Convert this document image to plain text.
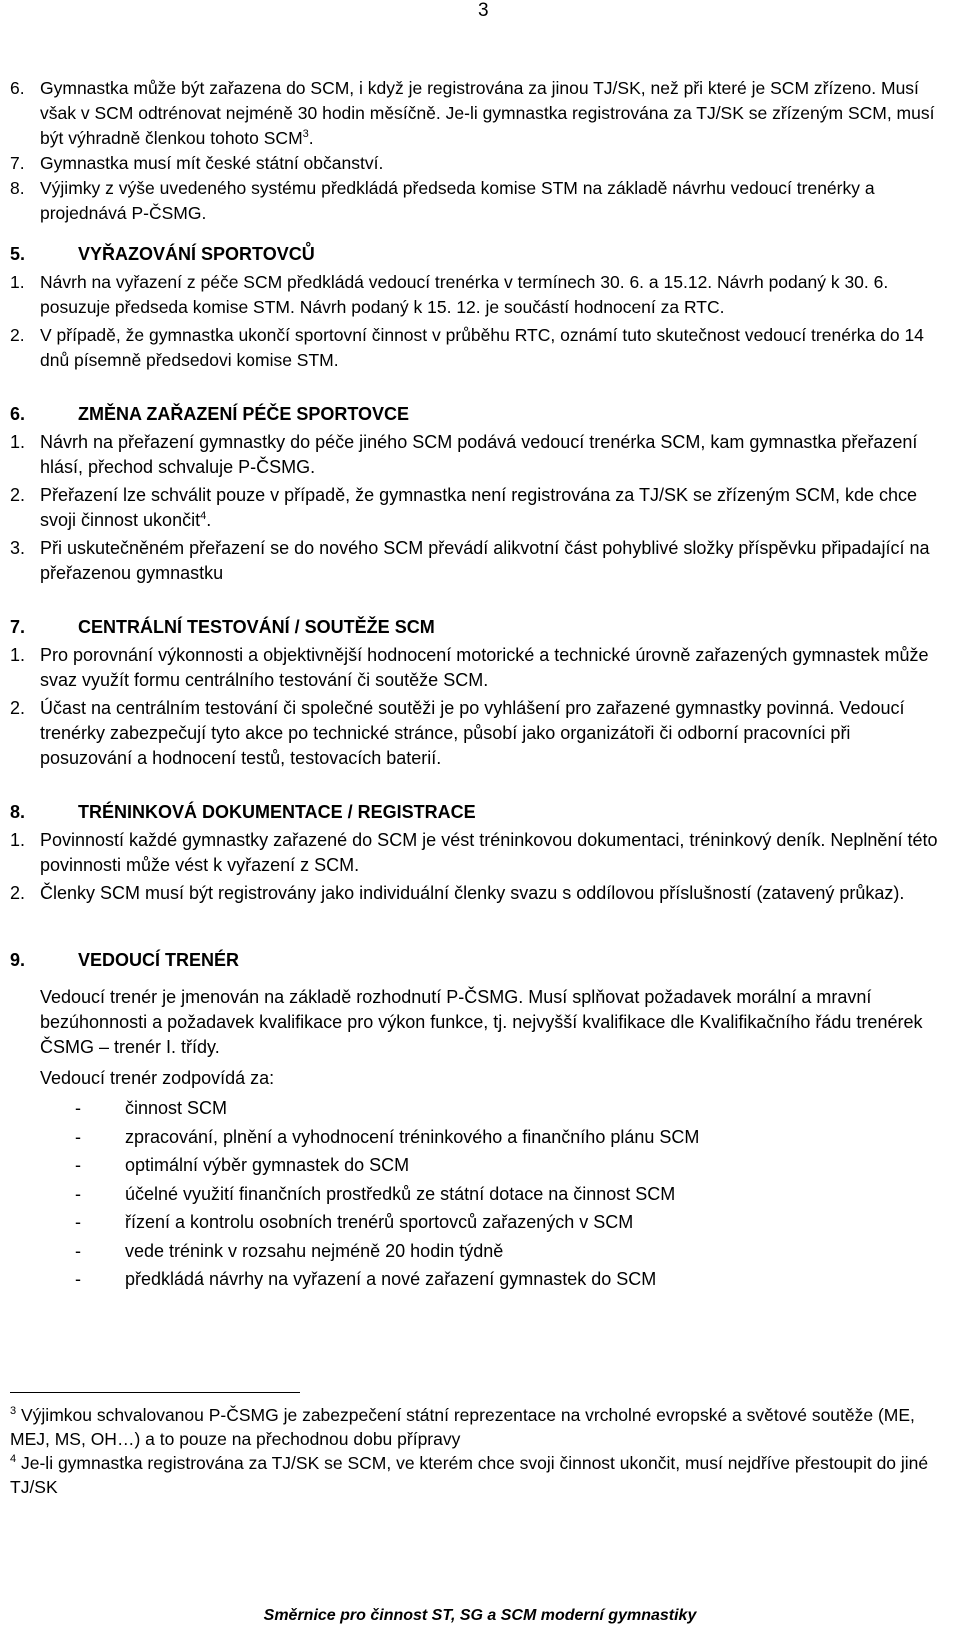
3
6. Gymnastka může být zařazena do SCM, i když je registrována za jinou TJ/SK, než při které je SCM zřízeno. Musí však v SCM odtrénovat nejméně 30 hodin měsíčně. Je-li gymnastka registrována za TJ/SK se zřízeným SCM, musí být výhradně členkou tohoto SCM$^3$.
7. Gymnastka musí mít české státní občanství.
8. Výjimky z výše uvedeného systému předkládá předseda komise STM na základě návrhu vedoucí trenérky a projednává P-ČSMG.
5.	VYŘAZOVÁNÍ SPORTOVCŮ
1. Návrh na vyřazení z péče SCM předkládá vedoucí trenérka v termínech 30. 6. a 15.12. Návrh podaný k 30. 6. posuzuje předseda komise STM. Návrh podaný k 15. 12. je součástí hodnocení za RTC.
2. V případě, že gymnastka ukončí sportovní činnost v průběhu RTC, oznámí tuto skutečnost vedoucí trenérka do 14 dnů písemně předsedovi komise STM.
6.	ZMĚNA ZAŘAZENÍ PÉČE SPORTOVCE
1. Návrh na přeřazení gymnastky do péče jiného SCM podává vedoucí trenérka SCM, kam gymnastka přeřazení hlásí, přechod schvaluje P-ČSMG.
2. Přeřazení lze schválit pouze v případě, že gymnastka není registrována za TJ/SK se zřízeným SCM, kde chce svoji činnost ukončit$^4$.
3. Při uskutečněném přeřazení se do nového SCM převádí alikvotní část pohyblivé složky příspěvku připadající na přeřazenou gymnastku
7.	CENTRÁLNÍ TESTOVÁNÍ / SOUTĚŽE SCM
1. Pro porovnání výkonnosti a objektivnější hodnocení motorické a technické úrovně zařazených gymnastek může svaz využít formu centrálního testování či soutěže SCM.
2. Účast na centrálním testování či společné soutěži je po vyhlášení pro zařazené gymnastky povinná. Vedoucí trenérky zabezpečují tyto akce po technické stránce, působí jako organizátoři či odborní pracovníci při posuzování a hodnocení testů, testovacích baterií.
8.	TRÉNINKOVÁ DOKUMENTACE / REGISTRACE
1. Povinností každé gymnastky zařazené do SCM je vést tréninkovou dokumentaci, tréninkový deník. Neplnění této povinnosti může vést k vyřazení z SCM.
2. Členky SCM musí být registrovány jako individuální členky svazu s oddílovou příslušností (zatavený průkaz).
9.	VEDOUCÍ TRENÉR
Vedoucí trenér je jmenován na základě rozhodnutí P-ČSMG. Musí splňovat požadavek morální a mravní bezúhonnosti a požadavek kvalifikace pro výkon funkce, tj. nejvyšší kvalifikace dle Kvalifikačního řádu trenérek ČSMG – trenér I. třídy.
Vedoucí trenér zodpovídá za:
-	činnost SCM
-	zpracování, plnění a vyhodnocení tréninkového a finančního plánu SCM
-	optimální výběr gymnastek do SCM
-	účelné využití finančních prostředků ze státní dotace na činnost SCM
-	řízení a kontrolu osobních trenérů sportovců zařazených v SCM
-	vede trénink v rozsahu nejméně 20 hodin týdně
-	předkládá návrhy na vyřazení a nové zařazení gymnastek do SCM
$^3$ Výjimkou schvalovanou P-ČSMG je zabezpečení státní reprezentace na vrcholné evropské a světové soutěže (ME, MEJ, MS, OH…) a to pouze na přechodnou dobu přípravy
$^4$ Je-li gymnastka registrována za TJ/SK se SCM, ve kterém chce svoji činnost ukončit, musí nejdříve přestoupit do jiné TJ/SK
Směrnice pro činnost ST, SG a SCM moderní gymnastiky
